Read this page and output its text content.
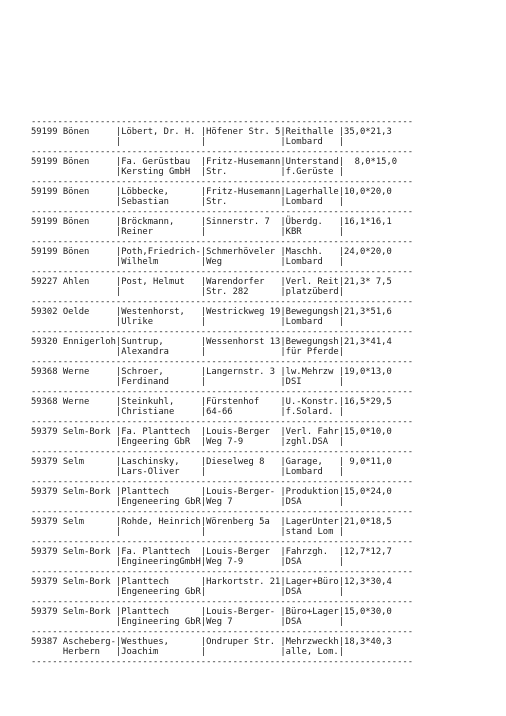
------------------------------------------------------------------------
59199 Bönen     |Löbert, Dr. H. |Höfener Str. 5|Reithalle |35,0*21,3
|               |              |Lombard   |
------------------------------------------------------------------------
59199 Bönen     |Fa. Gerüstbau  |Fritz-Husemann|Unterstand|  8,0*15,0
|Kersting GmbH  |Str.          |f.Gerüste |
------------------------------------------------------------------------
59199 Bönen     |Löbbecke,      |Fritz-Husemann|Lagerhalle|10,0*20,0
|Sebastian      |Str.          |Lombard   |
------------------------------------------------------------------------
59199 Bönen     |Bröckmann,     |Sinnerstr. 7  |Überdg.   |16,1*16,1
|Reiner         |              |KBR       |
------------------------------------------------------------------------
59199 Bönen     |Poth,Friedrich-|Schmerhöveler |Maschh.   |24,0*20,0
|Wilhelm        |Weg           |Lombard   |
------------------------------------------------------------------------
59227 Ahlen     |Post, Helmut   |Warendorfer   |Verl. Reit|21,3* 7,5
|               |Str. 282      |platzüberd|
------------------------------------------------------------------------
59302 Oelde     |Westenhorst,   |Westrickweg 19|Bewegungsh|21,3*51,6
|Ulrike         |              |Lombard   |
------------------------------------------------------------------------
59320 Ennigerloh|Suntrup,       |Wessenhorst 13|Bewegungsh|21,3*41,4
|Alexandra      |              |für Pferde|
------------------------------------------------------------------------
59368 Werne     |Schroer,       |Langernstr. 3 |lw.Mehrzw |19,0*13,0
|Ferdinand      |              |DSI       |
------------------------------------------------------------------------
59368 Werne     |Steinkuhl,     |Fürstenhof    |U.-Konstr.|16,5*29,5
|Christiane     |64-66         |f.Solard. |
------------------------------------------------------------------------
59379 Selm-Bork |Fa. Planttech  |Louis-Berger  |Verl. Fahr|15,0*10,0
|Engeering GbR  |Weg 7-9       |zghl.DSA  |
------------------------------------------------------------------------
59379 Selm      |Laschinsky,    |Dieselweg 8   |Garage,   | 9,0*11,0
|Lars-Oliver    |              |Lombard   |
------------------------------------------------------------------------
59379 Selm-Bork |Planttech      |Louis-Berger- |Produktion|15,0*24,0
|Engeneering GbR|Weg 7         |DSA       |
------------------------------------------------------------------------
59379 Selm      |Rohde, Heinrich|Wörenberg 5a  |LagerUnter|21,0*18,5
|               |              |stand Lom |
------------------------------------------------------------------------
59379 Selm-Bork |Fa. Planttech  |Louis-Berger  |Fahrzgh.  |12,7*12,7
|EngineeringGmbH|Weg 7-9       |DSA       |
------------------------------------------------------------------------
59379 Selm-Bork |Planttech      |Harkortstr. 21|Lager+Büro|12,3*30,4
|Engeneering GbR|              |DSA       |
------------------------------------------------------------------------
59379 Selm-Bork |Planttech      |Louis-Berger- |Büro+Lager|15,0*30,0
|Engineering GbR|Weg 7         |DSA       |
------------------------------------------------------------------------
59387 Ascheberg-|Westhues,      |Ondruper Str. |Mehrzweckh|18,3*40,3
Herbern   |Joachim        |              |alle, Lom.|
------------------------------------------------------------------------
